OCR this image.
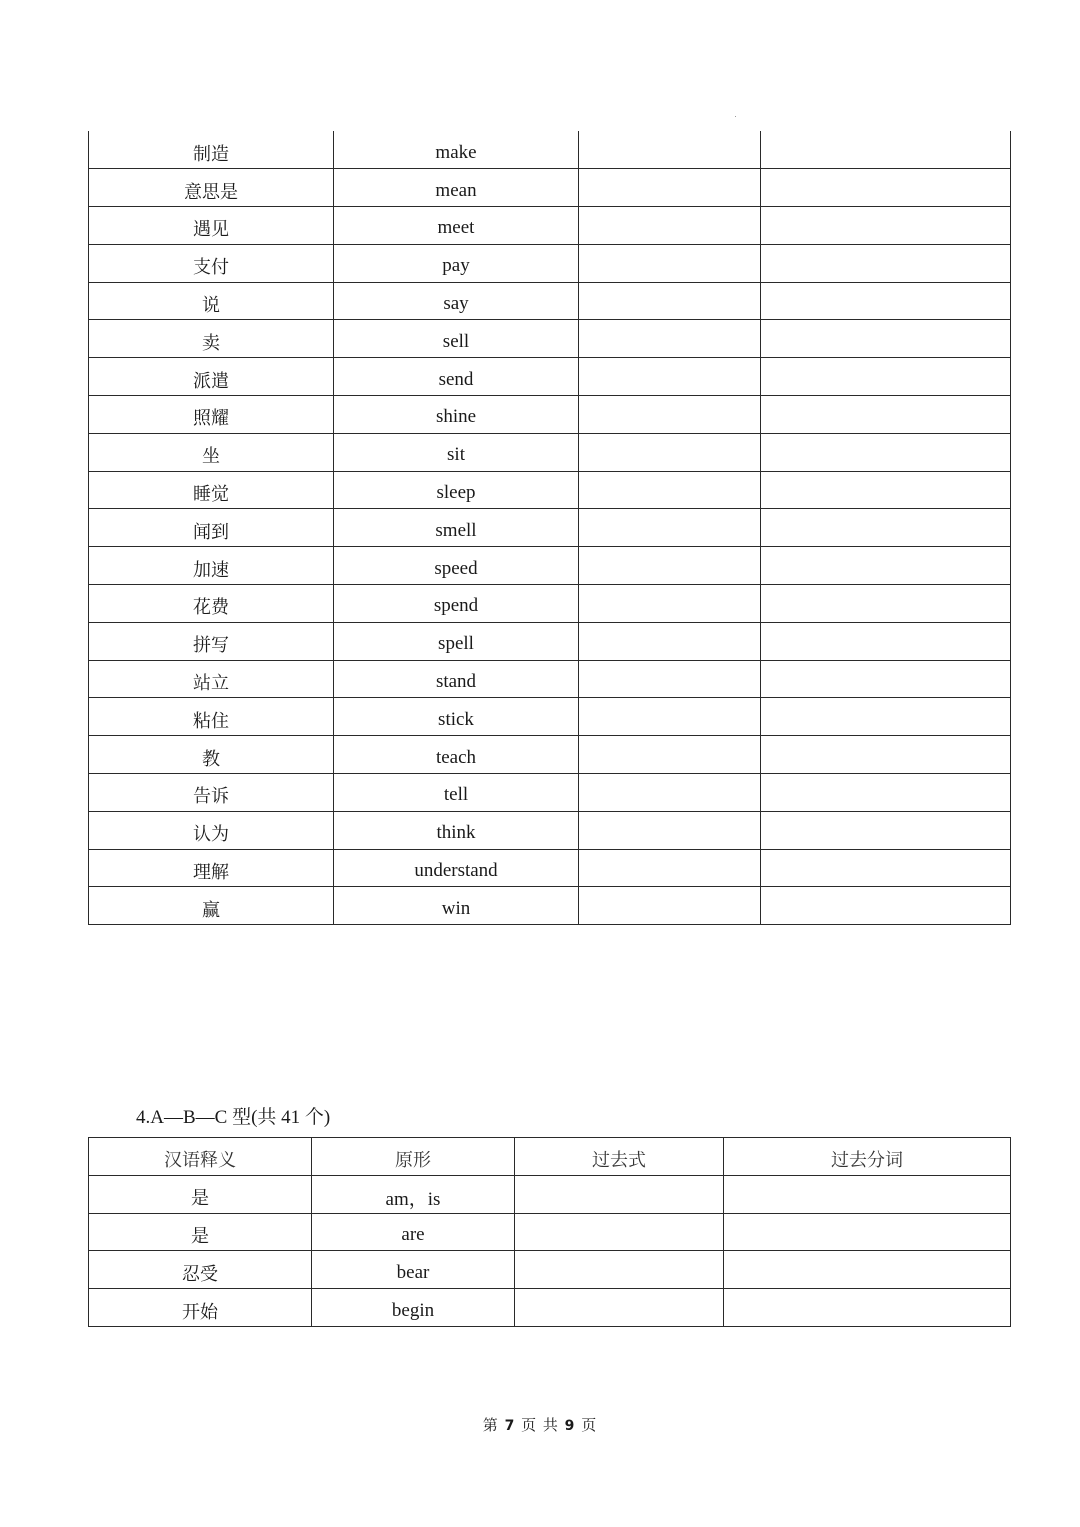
制造	make		
意思是	mean		
遇见	meet		
支付	pay		
说	say		
卖	sell		
派遣	send		
照耀	shine		
坐	sit		
睡觉	sleep		
闻到	smell		
加速	speed		
花费	spend		
拼写	spell		
站立	stand		
粘住	stick		
教	teach		
告诉	tell		
认为	think		
理解	understand		
赢	win		
4.A—B—C 型(共 41 个)
汉语释义	原形	过去式	过去分词
是	am，is		
是	are		
忍受	bear		
开始	begin		
第 7 页 共 9 页
